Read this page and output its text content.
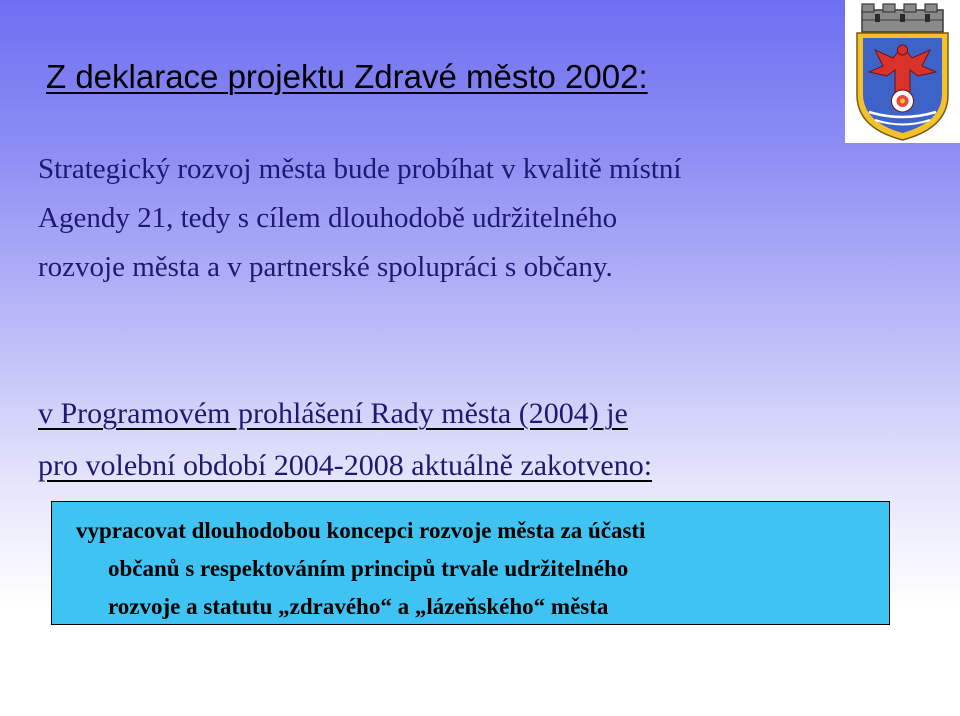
Z deklarace projektu Zdravé město 2002:

Strategický rozvoj města bude probíhat v kvalitě místní
Agendy 21, tedy s cílem dlouhodobě udržitelného
rozvoje města a v partnerské spolupráci s občany.

v Programovém prohlášení Rady města (2004) je
pro volební období 2004-2008 aktuálně zakotveno:

vypracovat dlouhodobou koncepci rozvoje města za účasti
občanů s respektováním principů trvale udržitelného
rozvoje a statutu „zdravého“ a „lázeňského“ města
